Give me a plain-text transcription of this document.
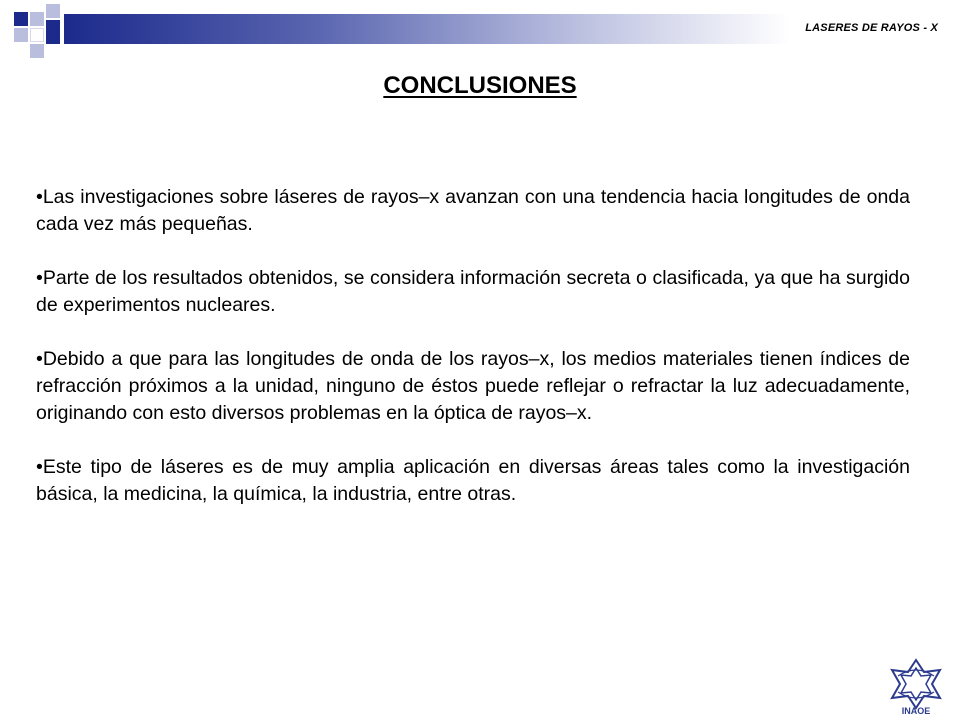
LASERES DE RAYOS - X
CONCLUSIONES

•Las investigaciones sobre láseres de rayos–x avanzan con una tendencia hacia longitudes de onda cada vez más pequeñas.

•Parte de los resultados obtenidos, se considera información secreta o clasificada, ya que ha surgido de experimentos nucleares.

•Debido a que para las longitudes de onda de los rayos–x, los medios materiales tienen índices de refracción próximos a la unidad, ninguno de éstos puede reflejar o refractar la luz adecuadamente, originando con esto diversos problemas en la óptica de rayos–x.

•Este tipo de láseres es de muy amplia aplicación en diversas áreas tales como la investigación básica, la medicina, la química, la industria, entre otras.

INAOE
